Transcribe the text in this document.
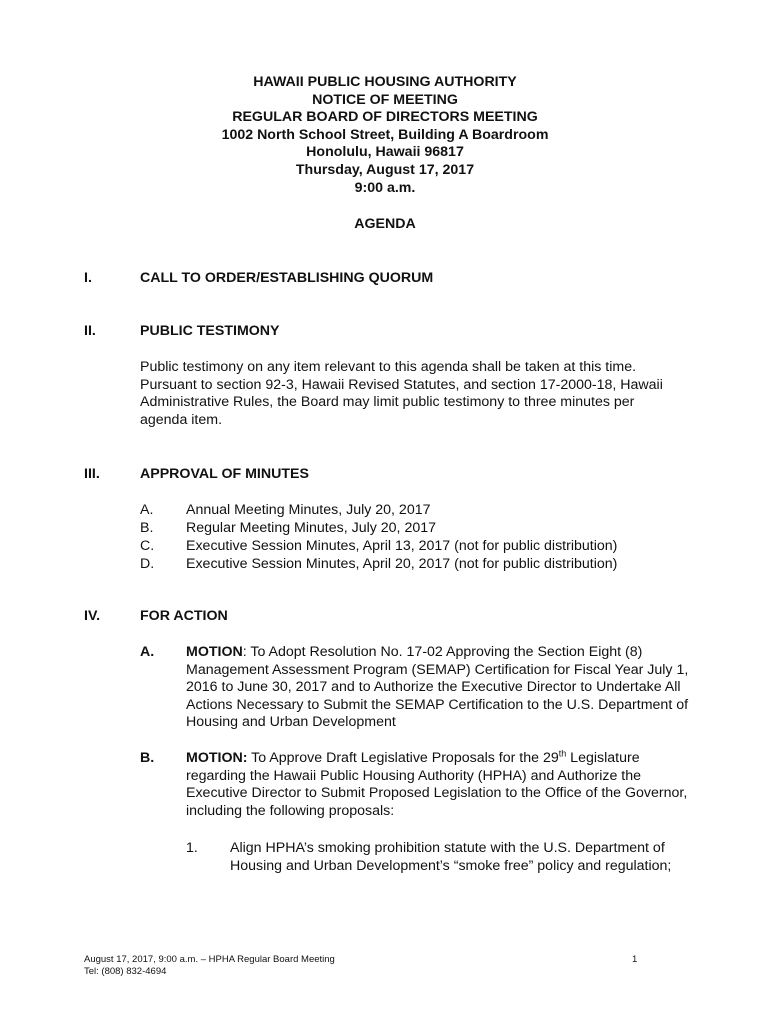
HAWAII PUBLIC HOUSING AUTHORITY
NOTICE OF MEETING
REGULAR BOARD OF DIRECTORS MEETING
1002 North School Street, Building A Boardroom
Honolulu, Hawaii 96817
Thursday, August 17, 2017
9:00 a.m.
AGENDA
I.	CALL TO ORDER/ESTABLISHING QUORUM
II.	PUBLIC TESTIMONY
Public testimony on any item relevant to this agenda shall be taken at this time. Pursuant to section 92-3, Hawaii Revised Statutes, and section 17-2000-18, Hawaii Administrative Rules, the Board may limit public testimony to three minutes per agenda item.
III.	APPROVAL OF MINUTES
A. Annual Meeting Minutes, July 20, 2017
B. Regular Meeting Minutes, July 20, 2017
C. Executive Session Minutes, April 13, 2017 (not for public distribution)
D. Executive Session Minutes, April 20, 2017 (not for public distribution)
IV.	FOR ACTION
A. MOTION: To Adopt Resolution No. 17-02 Approving the Section Eight (8) Management Assessment Program (SEMAP) Certification for Fiscal Year July 1, 2016 to June 30, 2017 and to Authorize the Executive Director to Undertake All Actions Necessary to Submit the SEMAP Certification to the U.S. Department of Housing and Urban Development
B. MOTION: To Approve Draft Legislative Proposals for the 29th Legislature regarding the Hawaii Public Housing Authority (HPHA) and Authorize the Executive Director to Submit Proposed Legislation to the Office of the Governor, including the following proposals:
1. Align HPHA’s smoking prohibition statute with the U.S. Department of Housing and Urban Development’s “smoke free” policy and regulation;
August 17, 2017, 9:00 a.m. – HPHA Regular Board Meeting
Tel: (808) 832-4694
1
